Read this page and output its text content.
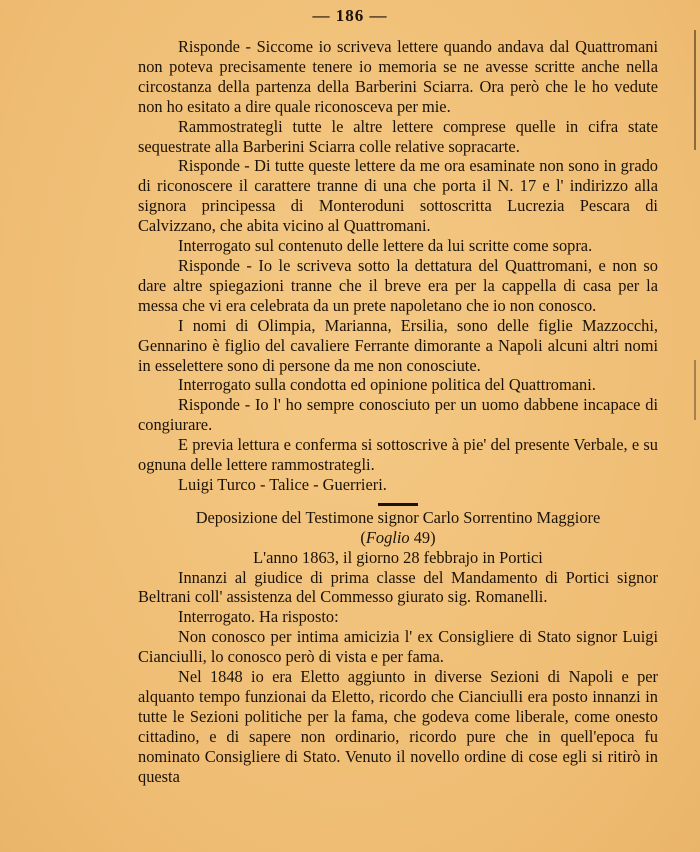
— 186 —

Risponde - Siccome io scriveva lettere quando andava dal Quattromani non poteva precisamente tenere io memoria se ne avesse scritte anche nella circostanza della partenza della Barberini Sciarra. Ora però che le ho vedute non ho esitato a dire quale riconosceva per mie.

Rammostrategli tutte le altre lettere comprese quelle in cifra state sequestrate alla Barberini Sciarra colle relative sopracarte.

Risponde - Di tutte queste lettere da me ora esaminate non sono in grado di riconoscere il carattere tranne di una che porta il N. 17 e l' indirizzo alla signora principessa di Monteroduni sottoscritta Lucrezia Pescara di Calvizzano, che abita vicino al Quattromani.

Interrogato sul contenuto delle lettere da lui scritte come sopra.

Risponde - Io le scriveva sotto la dettatura del Quattromani, e non so dare altre spiegazioni tranne che il breve era per la cappella di casa per la messa che vi era celebrata da un prete napoletano che io non conosco.

I nomi di Olimpia, Marianna, Ersilia, sono delle figlie Mazzocchi, Gennarino è figlio del cavaliere Ferrante dimorante a Napoli alcuni altri nomi in esselettere sono di persone da me non conosciute.

Interrogato sulla condotta ed opinione politica del Quattromani.

Risponde - Io l' ho sempre conosciuto per un uomo dabbene incapace di congiurare.

E previa lettura e conferma si sottoscrive à pie' del presente Verbale, e su ognuna delle lettere rammostrategli.

Luigi Turco - Talice - Guerrieri.

Deposizione del Testimone signor Carlo Sorrentino Maggiore

(Foglio 49)

L'anno 1863, il giorno 28 febbrajo in Portici

Innanzi al giudice di prima classe del Mandamento di Portici signor Beltrani coll' assistenza del Commesso giurato sig. Romanelli.

Interrogato. Ha risposto:

Non conosco per intima amicizia l' ex Consigliere di Stato signor Luigi Cianciulli, lo conosco però di vista e per fama.

Nel 1848 io era Eletto aggiunto in diverse Sezioni di Napoli e per alquanto tempo funzionai da Eletto, ricordo che Cianciulli era posto innanzi in tutte le Sezioni politiche per la fama, che godeva come liberale, come onesto cittadino, e di sapere non ordinario, ricordo pure che in quell'epoca fu nominato Consigliere di Stato. Venuto il novello ordine di cose egli si ritirò in questa
